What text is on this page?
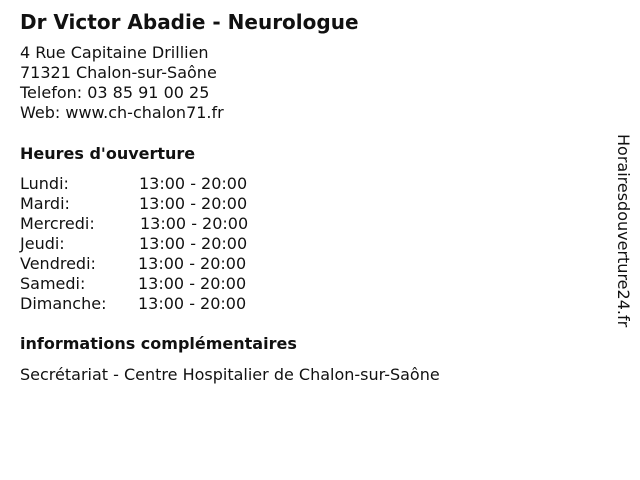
Dr Victor Abadie - Neurologue
4 Rue Capitaine Drillien
71321 Chalon-sur-Saône
Telefon: 03 85 91 00 25
Web: www.ch-chalon71.fr
Heures d'ouverture
Lundi:	13:00 - 20:00
Mardi:	13:00 - 20:00
Mercredi:	13:00 - 20:00
Jeudi:	13:00 - 20:00
Vendredi:	13:00 - 20:00
Samedi:	13:00 - 20:00
Dimanche: 13:00 - 20:00
informations complémentaires
Secrétariat - Centre Hospitalier de Chalon-sur-Saône
Horairesdouverture24.fr
